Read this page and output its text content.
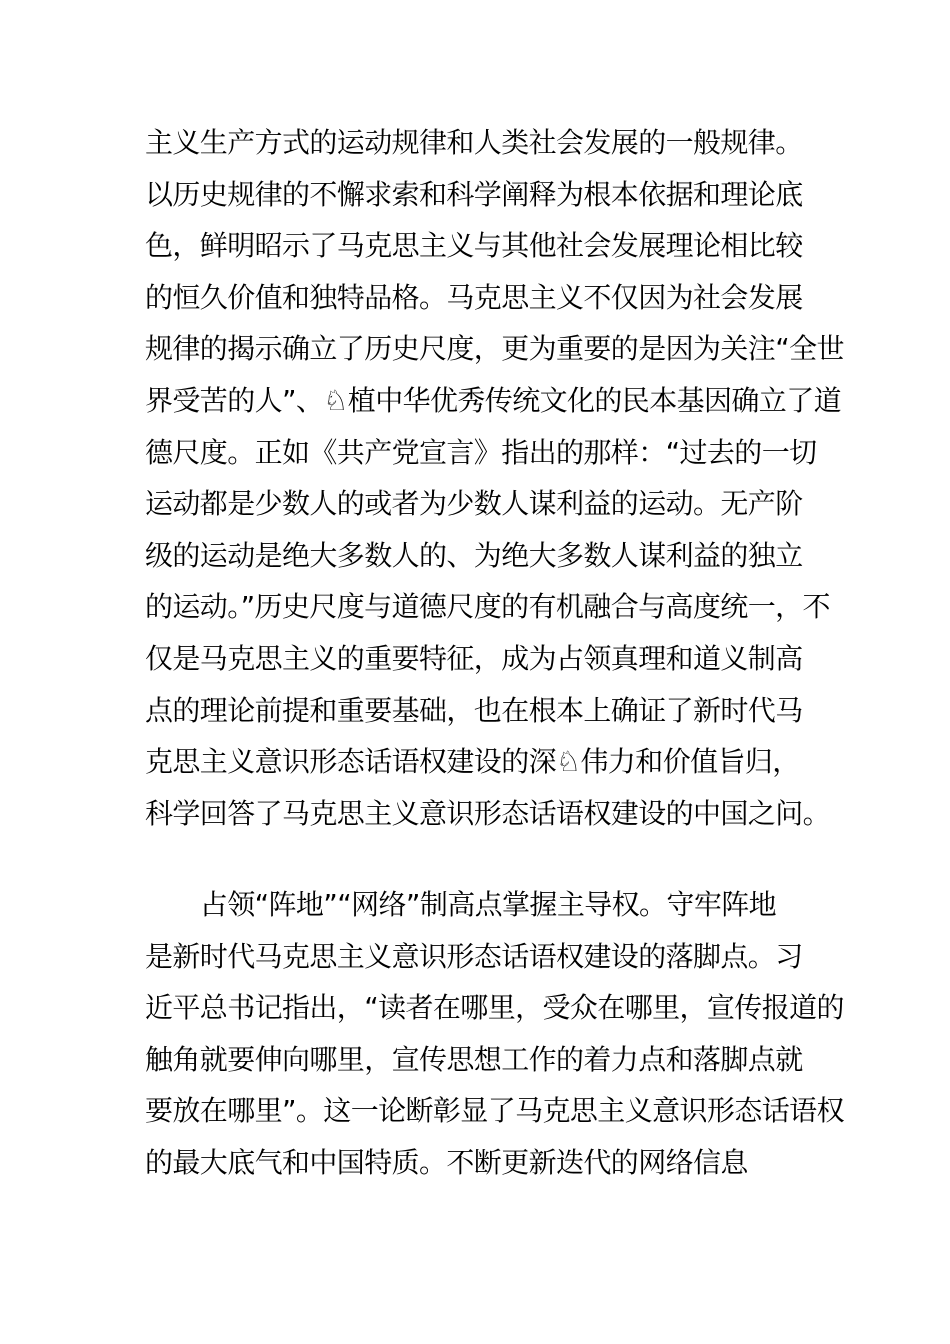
主义生产方式的运动规律和人类社会发展的一般规律。
以历史规律的不懈求索和科学阐释为根本依据和理论底
色，鲜明昭示了马克思主义与其他社会发展理论相比较
的恒久价值和独特品格。马克思主义不仅因为社会发展
规律的揭示确立了历史尺度，更为重要的是因为关注“全世
界受苦的人”、♘植中华优秀传统文化的民本基因确立了道
德尺度。正如《共产党宣言》指出的那样：“过去的一切
运动都是少数人的或者为少数人谋利益的运动。无产阶
级的运动是绝大多数人的、为绝大多数人谋利益的独立
的运动。”历史尺度与道德尺度的有机融合与高度统一，不
仅是马克思主义的重要特征，成为占领真理和道义制高
点的理论前提和重要基础，也在根本上确证了新时代马
克思主义意识形态话语权建设的深♘伟力和价值旨归，
科学回答了马克思主义意识形态话语权建设的中国之问。
　　占领“阵地”“网络”制高点掌握主导权。守牢阵地
是新时代马克思主义意识形态话语权建设的落脚点。习
近平总书记指出，“读者在哪里，受众在哪里，宣传报道的
触角就要伸向哪里，宣传思想工作的着力点和落脚点就
要放在哪里”。这一论断彰显了马克思主义意识形态话语权
的最大底气和中国特质。不断更新迭代的网络信息
